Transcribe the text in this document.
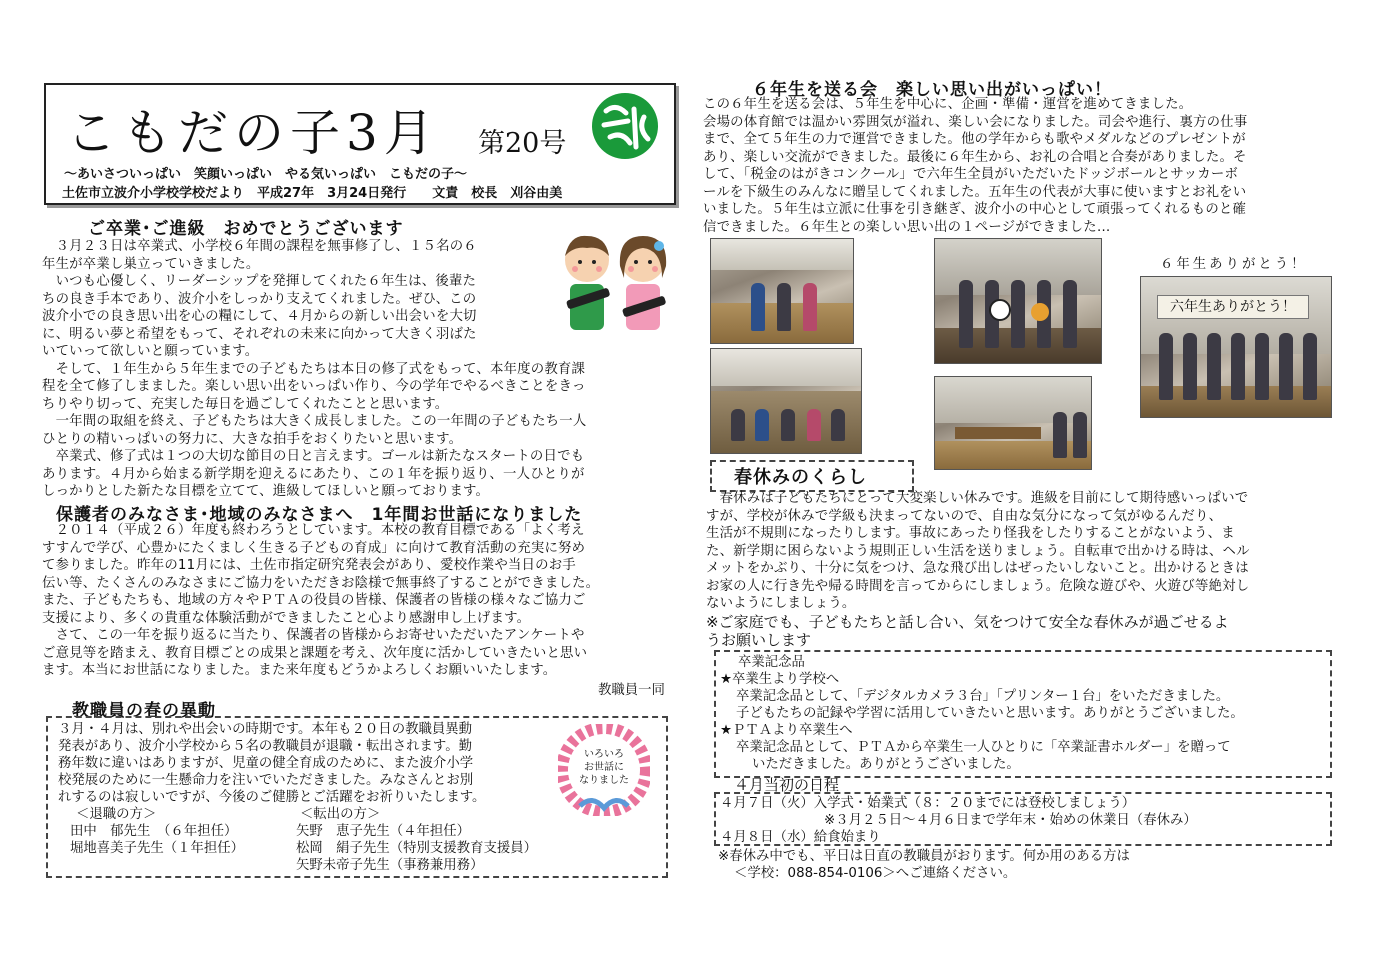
こもだの子3月 第20号
～あいさついっぱい　笑顔いっぱい　やる気いっぱい　こもだの子～
土佐市立波介小学校学校だより　平成27年　3月24日発行　　文責　校長　刈谷由美
ご卒業･ご進級　おめでとうございます

　３月２３日は卒業式、小学校６年間の課程を無事修了し、１５名の６

年生が卒業し巣立っていきました。

　いつも心優しく、リーダーシップを発揮してくれた６年生は、後輩た

ちの良き手本であり、波介小をしっかり支えてくれました。ぜひ、この

波介小での良き思い出を心の糧にして、４月からの新しい出会いを大切

に、明るい夢と希望をもって、それぞれの未来に向かって大きく羽ばた

いていって欲しいと願っています。

　そして、１年生から５年生までの子どもたちは本日の修了式をもって、本年度の教育課

程を全て修了しまました。楽しい思い出をいっぱい作り、今の学年でやるべきことをきっ

ちりやり切って、充実した毎日を過ごしてくれたことと思います。

　一年間の取組を終え、子どもたちは大きく成長しました。この一年間の子どもたち一人

ひとりの精いっぱいの努力に、大きな拍手をおくりたいと思います。

　卒業式、修了式は１つの大切な節目の日と言えます。ゴールは新たなスタートの日でも

あります。４月から始まる新学期を迎えるにあたり、この１年を振り返り、一人ひとりが

しっかりとした新たな目標を立てて、進級してほしいと願っております。

保護者のみなさま･地域のみなさまへ　1年間お世話になりました

　２０１４（平成２６）年度も終わろうとしています。本校の教育目標である「よく考え

すすんで学び、心豊かにたくましく生きる子どもの育成」に向けて教育活動の充実に努め

て参りました。昨年の11月には、土佐市指定研究発表会があり、愛校作業や当日のお手

伝い等、たくさんのみなさまにご協力をいただきお陰様で無事終了することができました。

また、子どもたちも、地域の方々やＰＴＡの役員の皆様、保護者の皆様の様々なご協力ご

支援により、多くの貴重な体験活動ができましたこと心より感謝申し上げます。

　さて、この一年を振り返るに当たり、保護者の皆様からお寄せいただいたアンケートや

ご意見等を踏まえ、教育目標ごとの成果と課題を考え、次年度に活かしていきたいと思い

ます。本当にお世話になりました。また来年度もどうかよろしくお願いいたします。

教職員一同
教職員の春の異動

３月・４月は、別れや出会いの時期です。本年も２０日の教職員異動

発表があり、波介小学校から５名の教職員が退職・転出されます。勤

務年数に違いはありますが、児童の健全育成のために、また波介小学

校発展のために一生懸命力を注いでいただきました。みなさんとお別

れするのは寂しいですが、今後のご健勝とご活躍をお祈りいたします。

＜退職の方＞	＜転出の方＞

田中　郁先生　（６年担任）

堀地喜美子先生（１年担任）

矢野　恵子先生（４年担任）

松岡　絹子先生（特別支援教育支援員）

矢野未帝子先生（事務兼用務）

いろいろ
お世話に
なりました
６年生を送る会　楽しい思い出がいっぱい！

この６年生を送る会は、５年生を中心に、企画・準備・運営を進めてきました。

会場の体育館では温かい雰囲気が溢れ、楽しい会になりました。司会や進行、裏方の仕事

まで、全て５年生の力で運営できました。他の学年からも歌やメダルなどのプレゼントが

あり、楽しい交流ができました。最後に６年生から、お礼の合唱と合奏がありました。そ

して、「税金のはがきコンクール」で六年生全員がいただいたドッジボールとサッカーボ

ールを下級生のみんなに贈呈してくれました。五年生の代表が大事に使いますとお礼をい

いました。５年生は立派に仕事を引き継ぎ、波介小の中心として頑張ってくれるものと確

信できました。６年生との楽しい思い出の１ページができました…

６年生ありがとう！
六年生ありがとう！
春休みのくらし

　春休みは子どもたちにとって大変楽しい休みです。進級を目前にして期待感いっぱいで

すが、学校が休みで学級も決まってないので、自由な気分になって気がゆるんだり、

生活が不規則になったりします。事故にあったり怪我をしたりすることがないよう、ま

た、新学期に困らないよう規則正しい生活を送りましょう。自転車で出かける時は、ヘル

メットをかぶり、十分に気をつけ、急な飛び出しはぜったいしないこと。出かけるときは

お家の人に行き先や帰る時間を言ってからにしましょう。危険な遊びや、火遊び等絶対し

ないようにしましょう。

※ご家庭でも、子どもたちと話し合い、気をつけて安全な春休みが過ごせるよ
うお願いします

卒業記念品

★卒業生より学校へ

卒業記念品として、「デジタルカメラ３台」「プリンター１台」をいただきました。

子どもたちの記録や学習に活用していきたいと思います。ありがとうございました。

★ＰＴＡより卒業生へ

卒業記念品として、ＰＴＡから卒業生一人ひとりに「卒業証書ホルダー」を贈って

いただきました。ありがとうございました。

４月当初の日程

４月７日（火）入学式・始業式（８：２０までには登校しましょう）

※３月２５日～４月６日まで学年末・始めの休業日（春休み）

４月８日（水）給食始まり

※春休み中でも、平日は日直の教職員がおります。何か用のある方は

＜学校：088-854-0106＞へご連絡ください。
